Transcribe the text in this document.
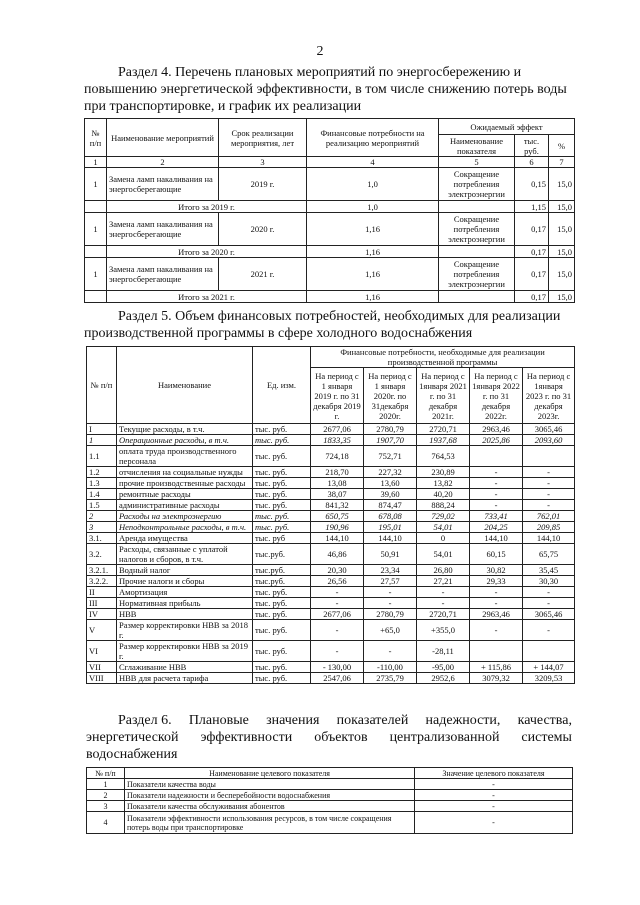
2
Раздел 4. Перечень плановых мероприятий по энергосбережению и
повышению энергетической эффективности, в том числе снижению потерь воды
при транспортировке, и график их реализации
№ п/п	Наименование мероприятий	Срок реализации мероприятия, лет	Финансовые потребности на реализацию мероприятий	Ожидаемый эффект		
				Наименование показателя	тыс. руб.	%
1	2	3	4	5	6	7
1	Замена ламп накаливания на энергосберегающие	2019 г.	1,0	Сокращение потребления электроэнергии	0,15	15,0
	Итого за 2019 г.		1,0		1,15	15,0
1	Замена ламп накаливания на энергосберегающие	2020 г.	1,16	Сокращение потребления электроэнергии	0,17	15,0
	Итого за 2020 г.		1,16		0,17	15,0
1	Замена ламп накаливания на энергосберегающие	2021 г.	1,16	Сокращение потребления электроэнергии	0,17	15,0
	Итого за 2021 г.		1,16		0,17	15,0
Раздел 5. Объем финансовых потребностей, необходимых для реализации
производственной программы в сфере холодного водоснабжения
№ п/п	Наименование	Ед. изм.	Финансовые потребности, необходимые для реализации производственной программы				
			На период с 1 января 2019 г. по 31 декабря 2019 г.	На период с 1 января 2020г. по 31декабря 2020г.	На период с 1января 2021 г. по 31 декабря 2021г.	На период с 1января 2022 г. по 31 декабря 2022г.	На период с 1января 2023 г. по 31 декабря 2023г.
I	Текущие расходы, в т.ч.	тыс. руб.	2677,06	2780,79	2720,71	2963,46	3065,46
1	Операционные расходы, в т.ч.	тыс. руб.	1833,35	1907,70	1937,68	2025,86	2093,60
1.1	оплата труда производственного персонала	тыс. руб.	724,18	752,71	764,53		
1.2	отчисления на социальные нужды	тыс. руб.	218,70	227,32	230,89	-	-
1.3	прочие производственные расходы	тыс. руб.	13,08	13,60	13,82	-	-
1.4	ремонтные расходы	тыс. руб.	38,07	39,60	40,20	-	-
1.5	административные расходы	тыс. руб.	841,32	874,47	888,24	-	-
2	Расходы на электроэнергию	тыс. руб.	650,75	678,08	729,02	733,41	762,01
3	Неподконтрольные расходы, в т.ч.	тыс. руб.	190,96	195,01	54,01	204,25	209,85
3.1.	Аренда имущества	тыс. руб	144,10	144,10	0	144,10	144,10
3.2.	Расходы, связанные с уплатой налогов и сборов, в т.ч.	тыс.руб.	46,86	50,91	54,01	60,15	65,75
3.2.1.	Водный налог	тыс.руб.	20,30	23,34	26,80	30,82	35,45
3.2.2.	Прочие налоги и сборы	тыс.руб.	26,56	27,57	27,21	29,33	30,30
II	Амортизация	тыс. руб.	-	-	-	-	-
III	Нормативная прибыль	тыс. руб.	-	-	-	-	-
IV	НВВ	тыс. руб.	2677,06	2780,79	2720,71	2963,46	3065,46
V	Размер корректировки НВВ за 2018 г.	тыс. руб.	-	+65,0	+355,0	-	-
VI	Размер корректировки НВВ за 2019 г.	тыс. руб.	-	-	-28,11		
VII	Сглаживание НВВ	тыс. руб.	- 130,00	-110,00	-95,00	+ 115,86	+ 144,07
VIII	НВВ для расчета тарифа	тыс. руб.	2547,06	2735,79	2952,6	3079,32	3209,53
Раздел 6. Плановые значения показателей надежности, качества,
энергетической эффективности объектов централизованной системы
водоснабжения
№ п/п	Наименование целевого показателя	Значение целевого показателя
1	Показатели качества воды	-
2	Показатели надежности и бесперебойности водоснабжения	-
3	Показатели качества обслуживания абонентов	-
4	Показатели эффективности использования ресурсов, в том числе сокращения потерь воды при транспортировке	-
